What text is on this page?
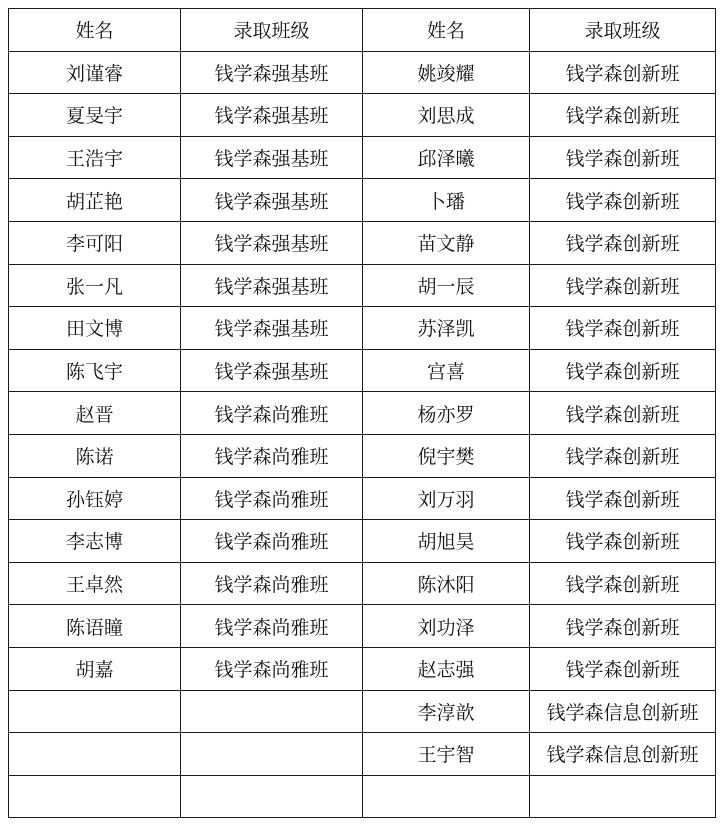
姓名	录取班级	姓名	录取班级
刘谨睿	钱学森强基班	姚竣耀	钱学森创新班
夏旻宇	钱学森强基班	刘思成	钱学森创新班
王浩宇	钱学森强基班	邱泽曦	钱学森创新班
胡芷艳	钱学森强基班	卜璠	钱学森创新班
李可阳	钱学森强基班	苗文静	钱学森创新班
张一凡	钱学森强基班	胡一辰	钱学森创新班
田文博	钱学森强基班	苏泽凯	钱学森创新班
陈飞宇	钱学森强基班	宫喜	钱学森创新班
赵晋	钱学森尚雅班	杨亦罗	钱学森创新班
陈诺	钱学森尚雅班	倪宇樊	钱学森创新班
孙钰婷	钱学森尚雅班	刘万羽	钱学森创新班
李志博	钱学森尚雅班	胡旭昊	钱学森创新班
王卓然	钱学森尚雅班	陈沐阳	钱学森创新班
陈语瞳	钱学森尚雅班	刘功泽	钱学森创新班
胡嘉	钱学森尚雅班	赵志强	钱学森创新班
		李淳歆	钱学森信息创新班
		王宇智	钱学森信息创新班
